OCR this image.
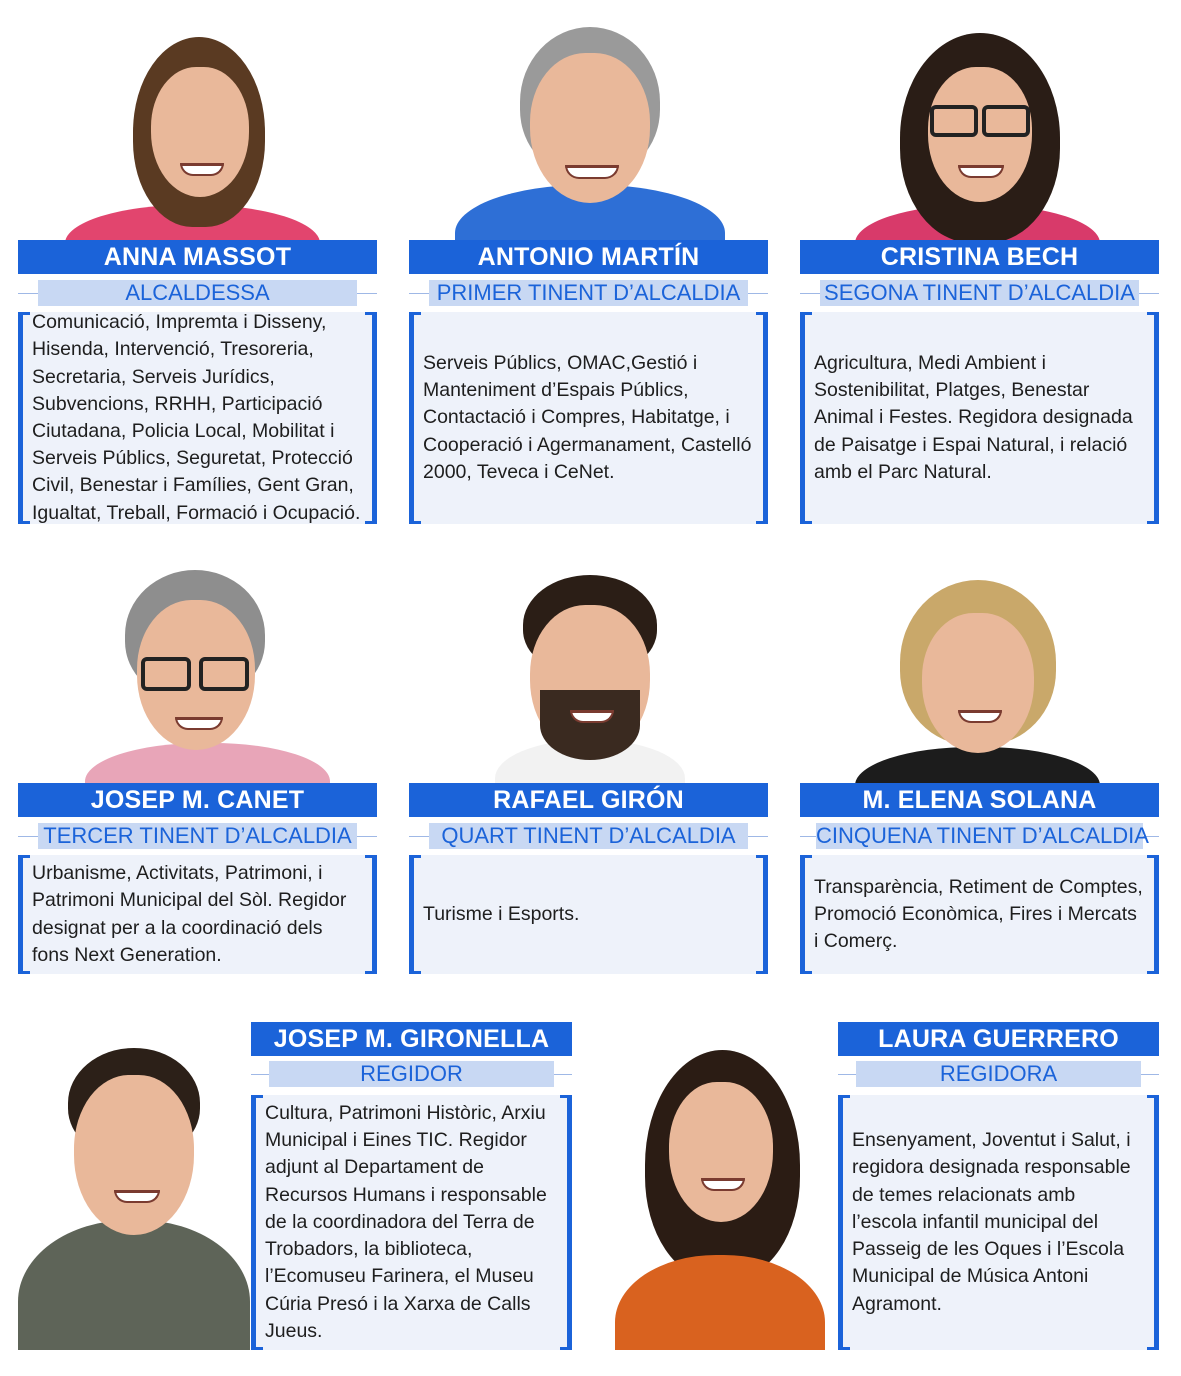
ANNA MASSOT
ALCALDESSA
Comunicació, Impremta i Disseny, Hisenda, Intervenció, Tresoreria, Secretaria, Serveis Jurídics, Subvencions, RRHH, Participació Ciutadana, Policia Local, Mobilitat i Serveis Públics, Seguretat, Protecció Civil, Benestar i Famílies, Gent Gran, Igualtat, Treball, Formació i Ocupació.
ANTONIO MARTÍN
PRIMER TINENT D’ALCALDIA
Serveis Públics, OMAC,Gestió i Manteniment d’Espais Públics, Contactació i Compres, Habitatge, i Cooperació i Agermanament, Castelló 2000, Teveca i CeNet.
CRISTINA BECH
SEGONA TINENT D’ALCALDIA
Agricultura, Medi Ambient i Sostenibilitat, Platges, Benestar Animal i Festes. Regidora designada de Paisatge i Espai Natural, i relació amb el Parc Natural.
JOSEP M. CANET
TERCER TINENT D’ALCALDIA
Urbanisme, Activitats, Patrimoni, i Patrimoni Municipal del Sòl. Regidor designat per a la coordinació dels fons Next Generation.
RAFAEL GIRÓN
QUART TINENT D’ALCALDIA
Turisme i Esports.
M. ELENA SOLANA
CINQUENA TINENT D’ALCALDIA
Transparència, Retiment de Comptes, Promoció Econòmica, Fires i Mercats i Comerç.
JOSEP M. GIRONELLA
REGIDOR
Cultura, Patrimoni Històric, Arxiu Municipal i Eines TIC. Regidor adjunt al Departament de Recursos Humans i responsable de la coordinadora del Terra de Trobadors, la biblioteca, l’Ecomuseu Farinera, el Museu Cúria Presó i la Xarxa de Calls Jueus.
LAURA GUERRERO
REGIDORA
Ensenyament, Joventut i Salut, i regidora designada responsable de temes relacionats amb l’escola infantil municipal del Passeig de les Oques i l’Escola Municipal de Música Antoni Agramont.
